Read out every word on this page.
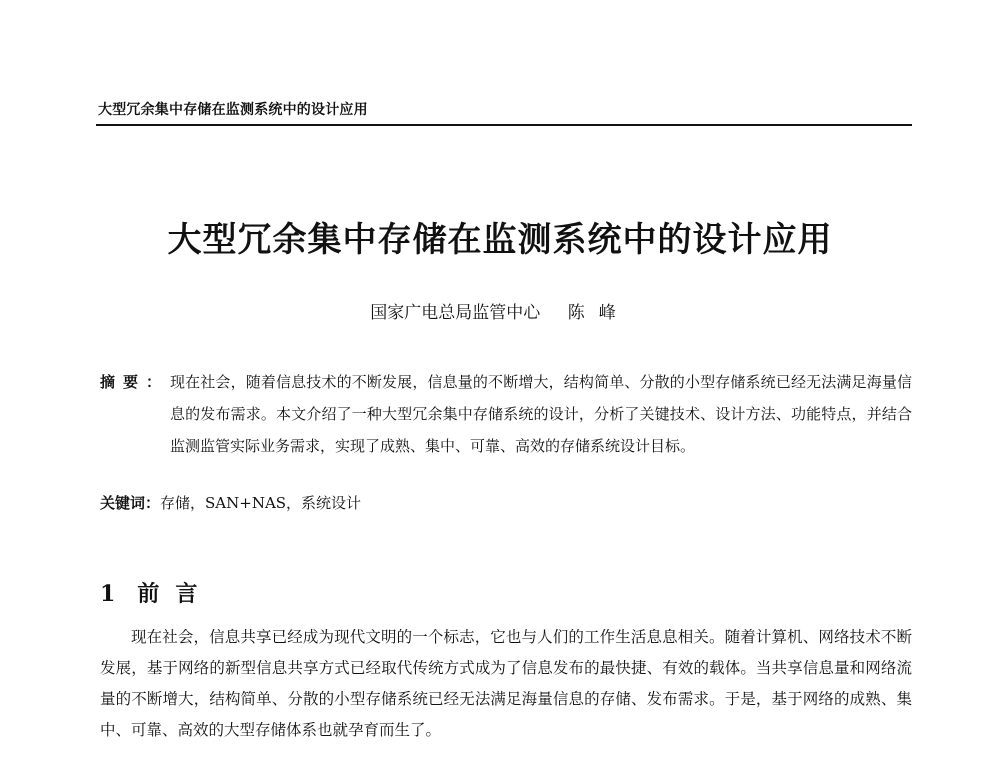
大型冗余集中存储在监测系统中的设计应用
大型冗余集中存储在监测系统中的设计应用
国家广电总局监管中心 陈峰
摘要： 现在社会，随着信息技术的不断发展，信息量的不断增大，结构简单、分散的小型存储系统已经无法满足海量信息的发布需求。本文介绍了一种大型冗余集中存储系统的设计，分析了关键技术、设计方法、功能特点，并结合监测监管实际业务需求，实现了成熟、集中、可靠、高效的存储系统设计目标。
关键词：存储，SAN+NAS，系统设计
1 前言
现在社会，信息共享已经成为现代文明的一个标志，它也与人们的工作生活息息相关。随着计算机、网络技术不断发展，基于网络的新型信息共享方式已经取代传统方式成为了信息发布的最快捷、有效的载体。当共享信息量和网络流量的不断增大，结构简单、分散的小型存储系统已经无法满足海量信息的存储、发布需求。于是，基于网络的成熟、集中、可靠、高效的大型存储体系也就孕育而生了。
